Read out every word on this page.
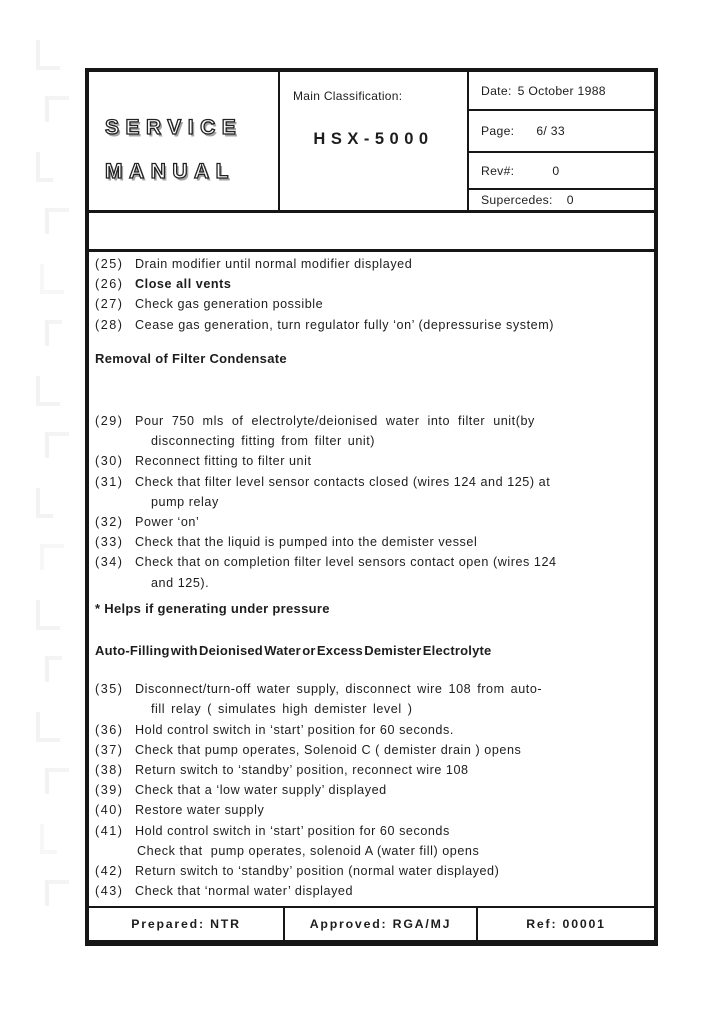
SERVICE
MANUAL
Main Classification:
HSX-5000
Date: 5 October 1988
Page: 6/ 33
Rev#:	0
Supercedes: 0
(25) Drain modifier until normal modifier displayed
(26) Close all vents
(27) Check gas generation possible
(28) Cease gas generation, turn regulator fully ‘on’ (depressurise system)
Removal of Filter Condensate
(29) Pour 750 mls of electrolyte/deionised water into filter unit(by
disconnecting fitting from filter unit)
(30) Reconnect fitting to filter unit
(31) Check that filter level sensor contacts closed (wires 124 and 125) at
pump relay
(32) Power ‘on’
(33) Check that the liquid is pumped into the demister vessel
(34) Check that on completion filter level sensors contact open (wires 124
and 125).
* Helps if generating under pressure
Auto-Filling with Deionised Water or Excess Demister Electrolyte
(35) Disconnect/turn-off water supply, disconnect wire 108 from auto-
fill relay ( simulates high demister level )
(36) Hold control switch in ‘start’ position for 60 seconds.
(37) Check that pump operates, Solenoid C ( demister drain ) opens
(38) Return switch to ‘standby’ position, reconnect wire 108
(39) Check that a ‘low water supply’ displayed
(40) Restore water supply
(41) Hold control switch in ‘start’ position for 60 seconds
Check that  pump operates, solenoid A (water fill) opens
(42) Return switch to ‘standby’ position (normal water displayed)
(43) Check that ‘normal water’ displayed
Prepared: NTR	Approved: RGA/MJ	Ref: 00001
